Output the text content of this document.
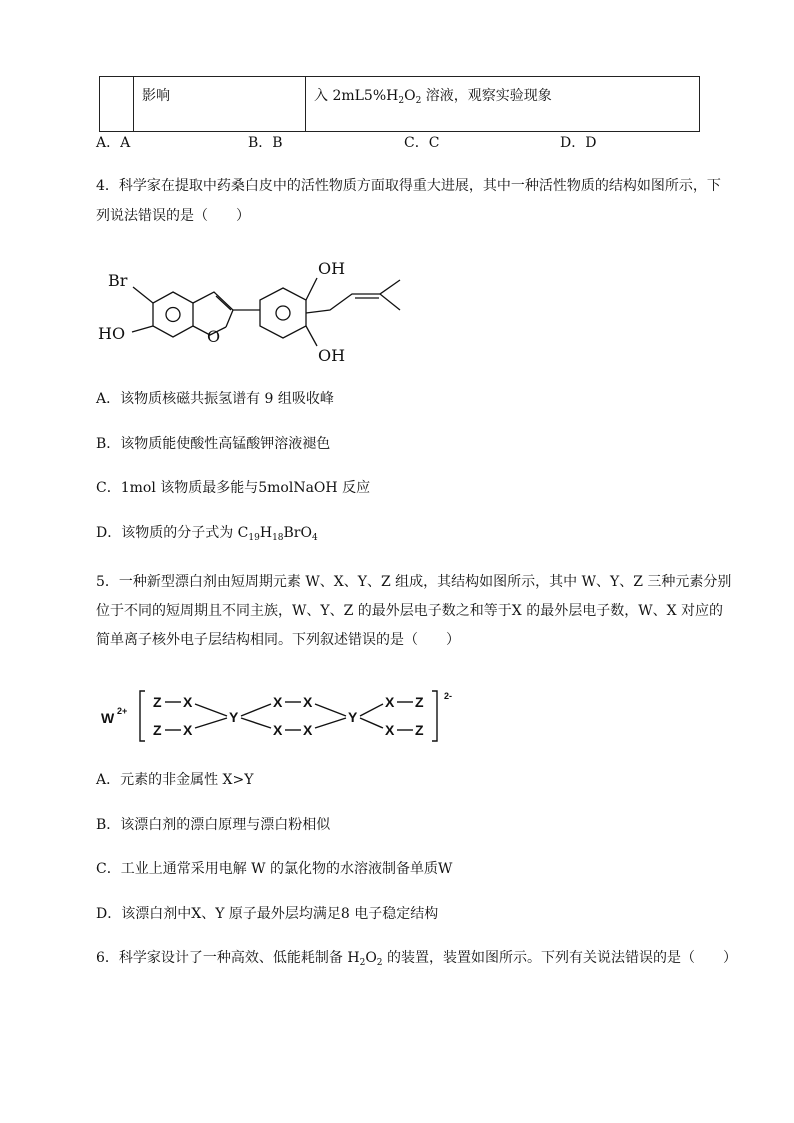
	影响	入 $2mL5\%H_2O_2$ 溶液，观察实验现象
A．A	B．B	C．C	D．D
4．科学家在提取中药桑白皮中的活性物质方面取得重大进展，其中一种活性物质的结构如图所示，下
列说法错误的是（　　）
Br
HO	O
OH
OH
A．该物质核磁共振氢谱有 9 组吸收峰
B．该物质能使酸性高锰酸钾溶液褪色
C．1mol 该物质最多能与5molNaOH 反应
D．该物质的分子式为 $C_{19}H_{18}BrO_4$
5．一种新型漂白剂由短周期元素 W、X、Y、Z 组成，其结构如图所示，其中 W、Y、Z 三种元素分别
位于不同的短周期且不同主族，W、Y、Z 的最外层电子数之和等于X 的最外层电子数，W、X 对应的
简单离子核外电子层结构相同。下列叙述错误的是（　　）
W 2+
Z X
Z X
Y
X X
X X
Y
X Z
X Z
2-
A．元素的非金属性 X>Y
B．该漂白剂的漂白原理与漂白粉相似
C．工业上通常采用电解 W 的氯化物的水溶液制备单质W
D．该漂白剂中X、Y 原子最外层均满足8 电子稳定结构
6．科学家设计了一种高效、低能耗制备 $H_2O_2$ 的装置，装置如图所示。下列有关说法错误的是（　　）
